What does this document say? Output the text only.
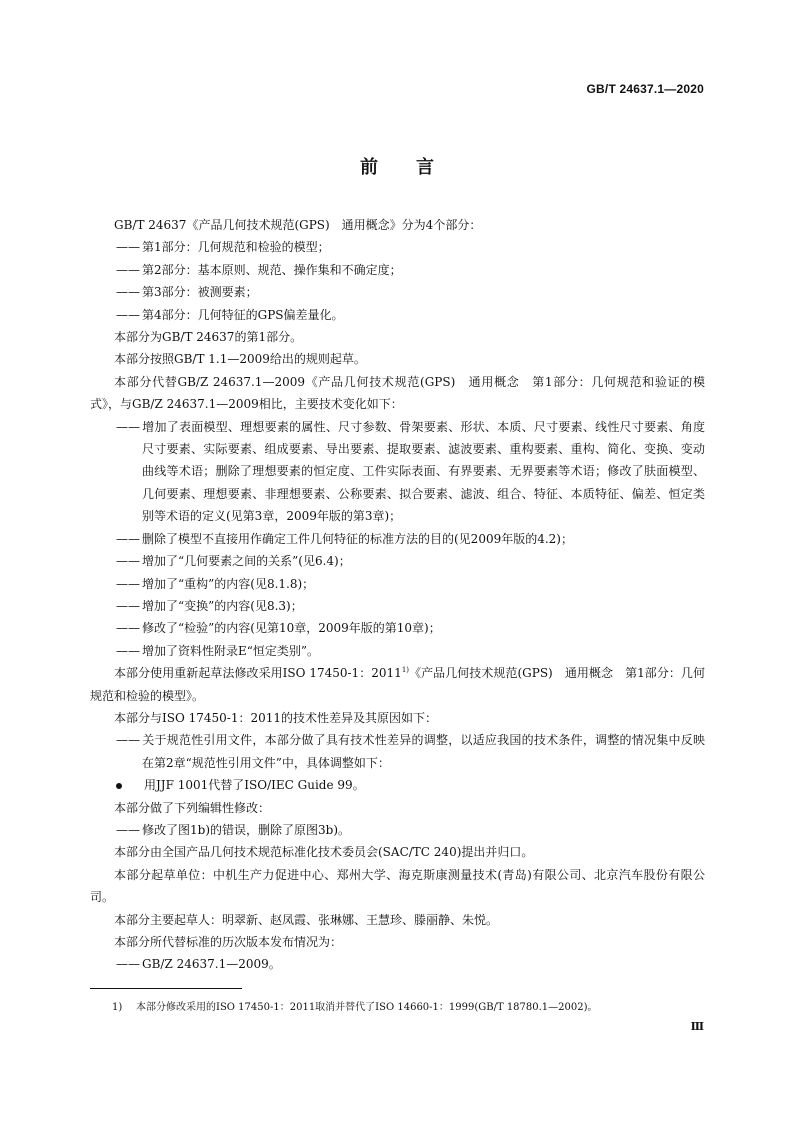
GB/T 24637.1—2020
前言

GB/T 24637《产品几何技术规范(GPS)　通用概念》分为4个部分：

—— 第1部分：几何规范和检验的模型；

—— 第2部分：基本原则、规范、操作集和不确定度；

—— 第3部分：被测要素；

—— 第4部分：几何特征的GPS偏差量化。

本部分为GB/T 24637的第1部分。

本部分按照GB/T 1.1—2009给出的规则起草。

本部分代替GB/Z 24637.1—2009《产品几何技术规范(GPS)　通用概念　第1部分：几何规范和验证的模式》，与GB/Z 24637.1—2009相比，主要技术变化如下：

—— 增加了表面模型、理想要素的属性、尺寸参数、骨架要素、形状、本质、尺寸要素、线性尺寸要素、角度尺寸要素、实际要素、组成要素、导出要素、提取要素、滤波要素、重构要素、重构、简化、变换、变动曲线等术语；删除了理想要素的恒定度、工件实际表面、有界要素、无界要素等术语；修改了肤面模型、几何要素、理想要素、非理想要素、公称要素、拟合要素、滤波、组合、特征、本质特征、偏差、恒定类别等术语的定义(见第3章，2009年版的第3章)；

—— 删除了模型不直接用作确定工件几何特征的标准方法的目的(见2009年版的4.2)；

—— 增加了“几何要素之间的关系”(见6.4)；

—— 增加了“重构”的内容(见8.1.8)；

—— 增加了“变换”的内容(见8.3)；

—— 修改了“检验”的内容(见第10章，2009年版的第10章)；

—— 增加了资料性附录E“恒定类别”。

本部分使用重新起草法修改采用ISO 17450-1：2011$^{1)}$《产品几何技术规范(GPS)　通用概念　第1部分：几何规范和检验的模型》。

本部分与ISO 17450-1：2011的技术性差异及其原因如下：

—— 关于规范性引用文件，本部分做了具有技术性差异的调整，以适应我国的技术条件，调整的情况集中反映在第2章“规范性引用文件”中，具体调整如下：

用JJF 1001代替了ISO/IEC Guide 99。

本部分做了下列编辑性修改：

—— 修改了图1b)的错误，删除了原图3b)。

本部分由全国产品几何技术规范标准化技术委员会(SAC/TC 240)提出并归口。

本部分起草单位：中机生产力促进中心、郑州大学、海克斯康测量技术(青岛)有限公司、北京汽车股份有限公司。

本部分主要起草人：明翠新、赵凤霞、张琳娜、王慧珍、滕丽静、朱悦。

本部分所代替标准的历次版本发布情况为：

—— GB/Z 24637.1—2009。

1)	本部分修改采用的ISO 17450-1：2011取消并替代了ISO 14660-1：1999(GB/T 18780.1—2002)。
Ⅲ
